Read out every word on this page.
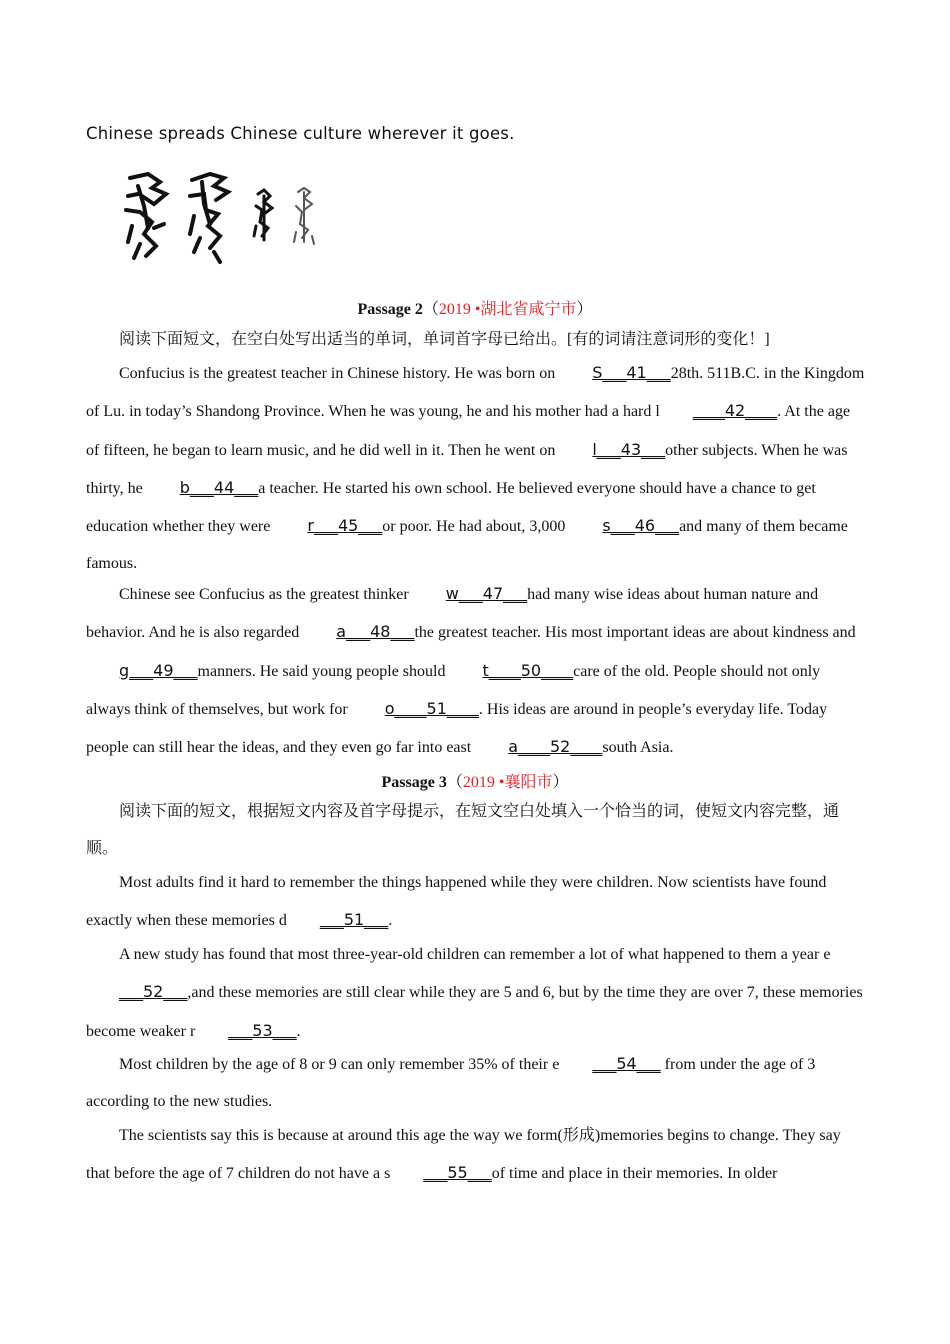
Chinese spreads Chinese culture wherever it goes.
Passage 2（2019 •湖北省咸宁市）

阅读下面短文，在空白处写出适当的单词，单词首字母已给出。[有的词请注意词形的变化！]

Confucius is the greatest teacher in Chinese history. He was born on S___41___28th. 511B.C. in the Kingdom of Lu. in today’s Shandong Province. When he was young, he and his mother had a hard l ____42____. At the age of fifteen, he began to learn music, and he did well in it. Then he went on l___43___other subjects. When he was thirty, he b___44___a teacher. He started his own school. He believed everyone should have a chance to get education whether they were r___45___or poor. He had about, 3,000 s___46___and many of them became famous.

Chinese see Confucius as the greatest thinker w___47___had many wise ideas about human nature and behavior. And he is also regarded a___48___the greatest teacher. His most important ideas are about kindness and g___49___manners. He said young people should t____50____care of the old. People should not only always think of themselves, but work for o____51____. His ideas are around in people’s everyday life. Today people can still hear the ideas, and they even go far into east a____52____south Asia.

Passage 3（2019 •襄阳市）

阅读下面的短文，根据短文内容及首字母提示，在短文空白处填入一个恰当的词，使短文内容完整，通顺。

Most adults find it hard to remember the things happened while they were children. Now scientists have found exactly when these memories d ___51___.

A new study has found that most three-year-old children can remember a lot of what happened to them a year e___52___,and these memories are still clear while they are 5 and 6, but by the time they are over 7, these memories become weaker r ___53___.

Most children by the age of 8 or 9 can only remember 35% of their e ___54___ from under the age of 3 according to the new studies.

The scientists say this is because at around this age the way we form(形成)memories begins to change. They say that before the age of 7 children do not have a s ___55___of time and place in their memories. In older
